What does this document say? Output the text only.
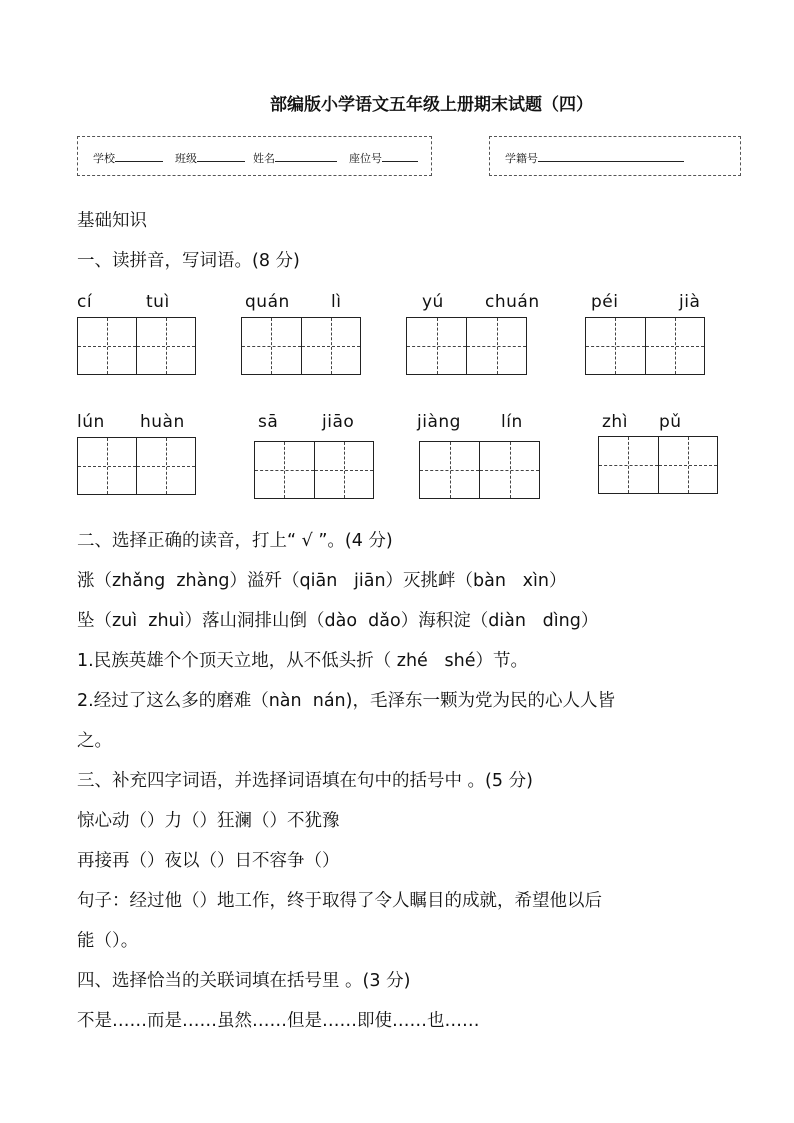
部编版小学语文五年级上册期末试题（四）
学校	班级	姓名	座位号	学籍号
基础知识
一、读拼音，写词语。(8 分)
cí	tuì	quán lì	yú chuán	péi	jià
lún huàn	sā	jiāo	jiàng lín	zhì pǔ
二、选择正确的读音，打上“ √ ”。(4 分)
涨（zhǎng  zhàng）溢歼（qiān   jiān）灭挑衅（bàn   xìn）
坠（zuì  zhuì）落山洞排山倒（dào  dǎo）海积淀（diàn   dìng）
1.民族英雄个个顶天立地，从不低头折（ zhé   shé）节。
2.经过了这么多的磨难（nàn  nán)，毛泽东一颗为党为民的心人人皆
之。
三、补充四字词语，并选择词语填在句中的括号中 。(5 分)
惊心动（）力（）狂澜（）不犹豫
再接再（）夜以（）日不容争（）
句子：经过他（）地工作，终于取得了令人瞩目的成就，希望他以后
能（）。
四、选择恰当的关联词填在括号里 。(3 分)
不是……而是……虽然……但是……即使……也……
